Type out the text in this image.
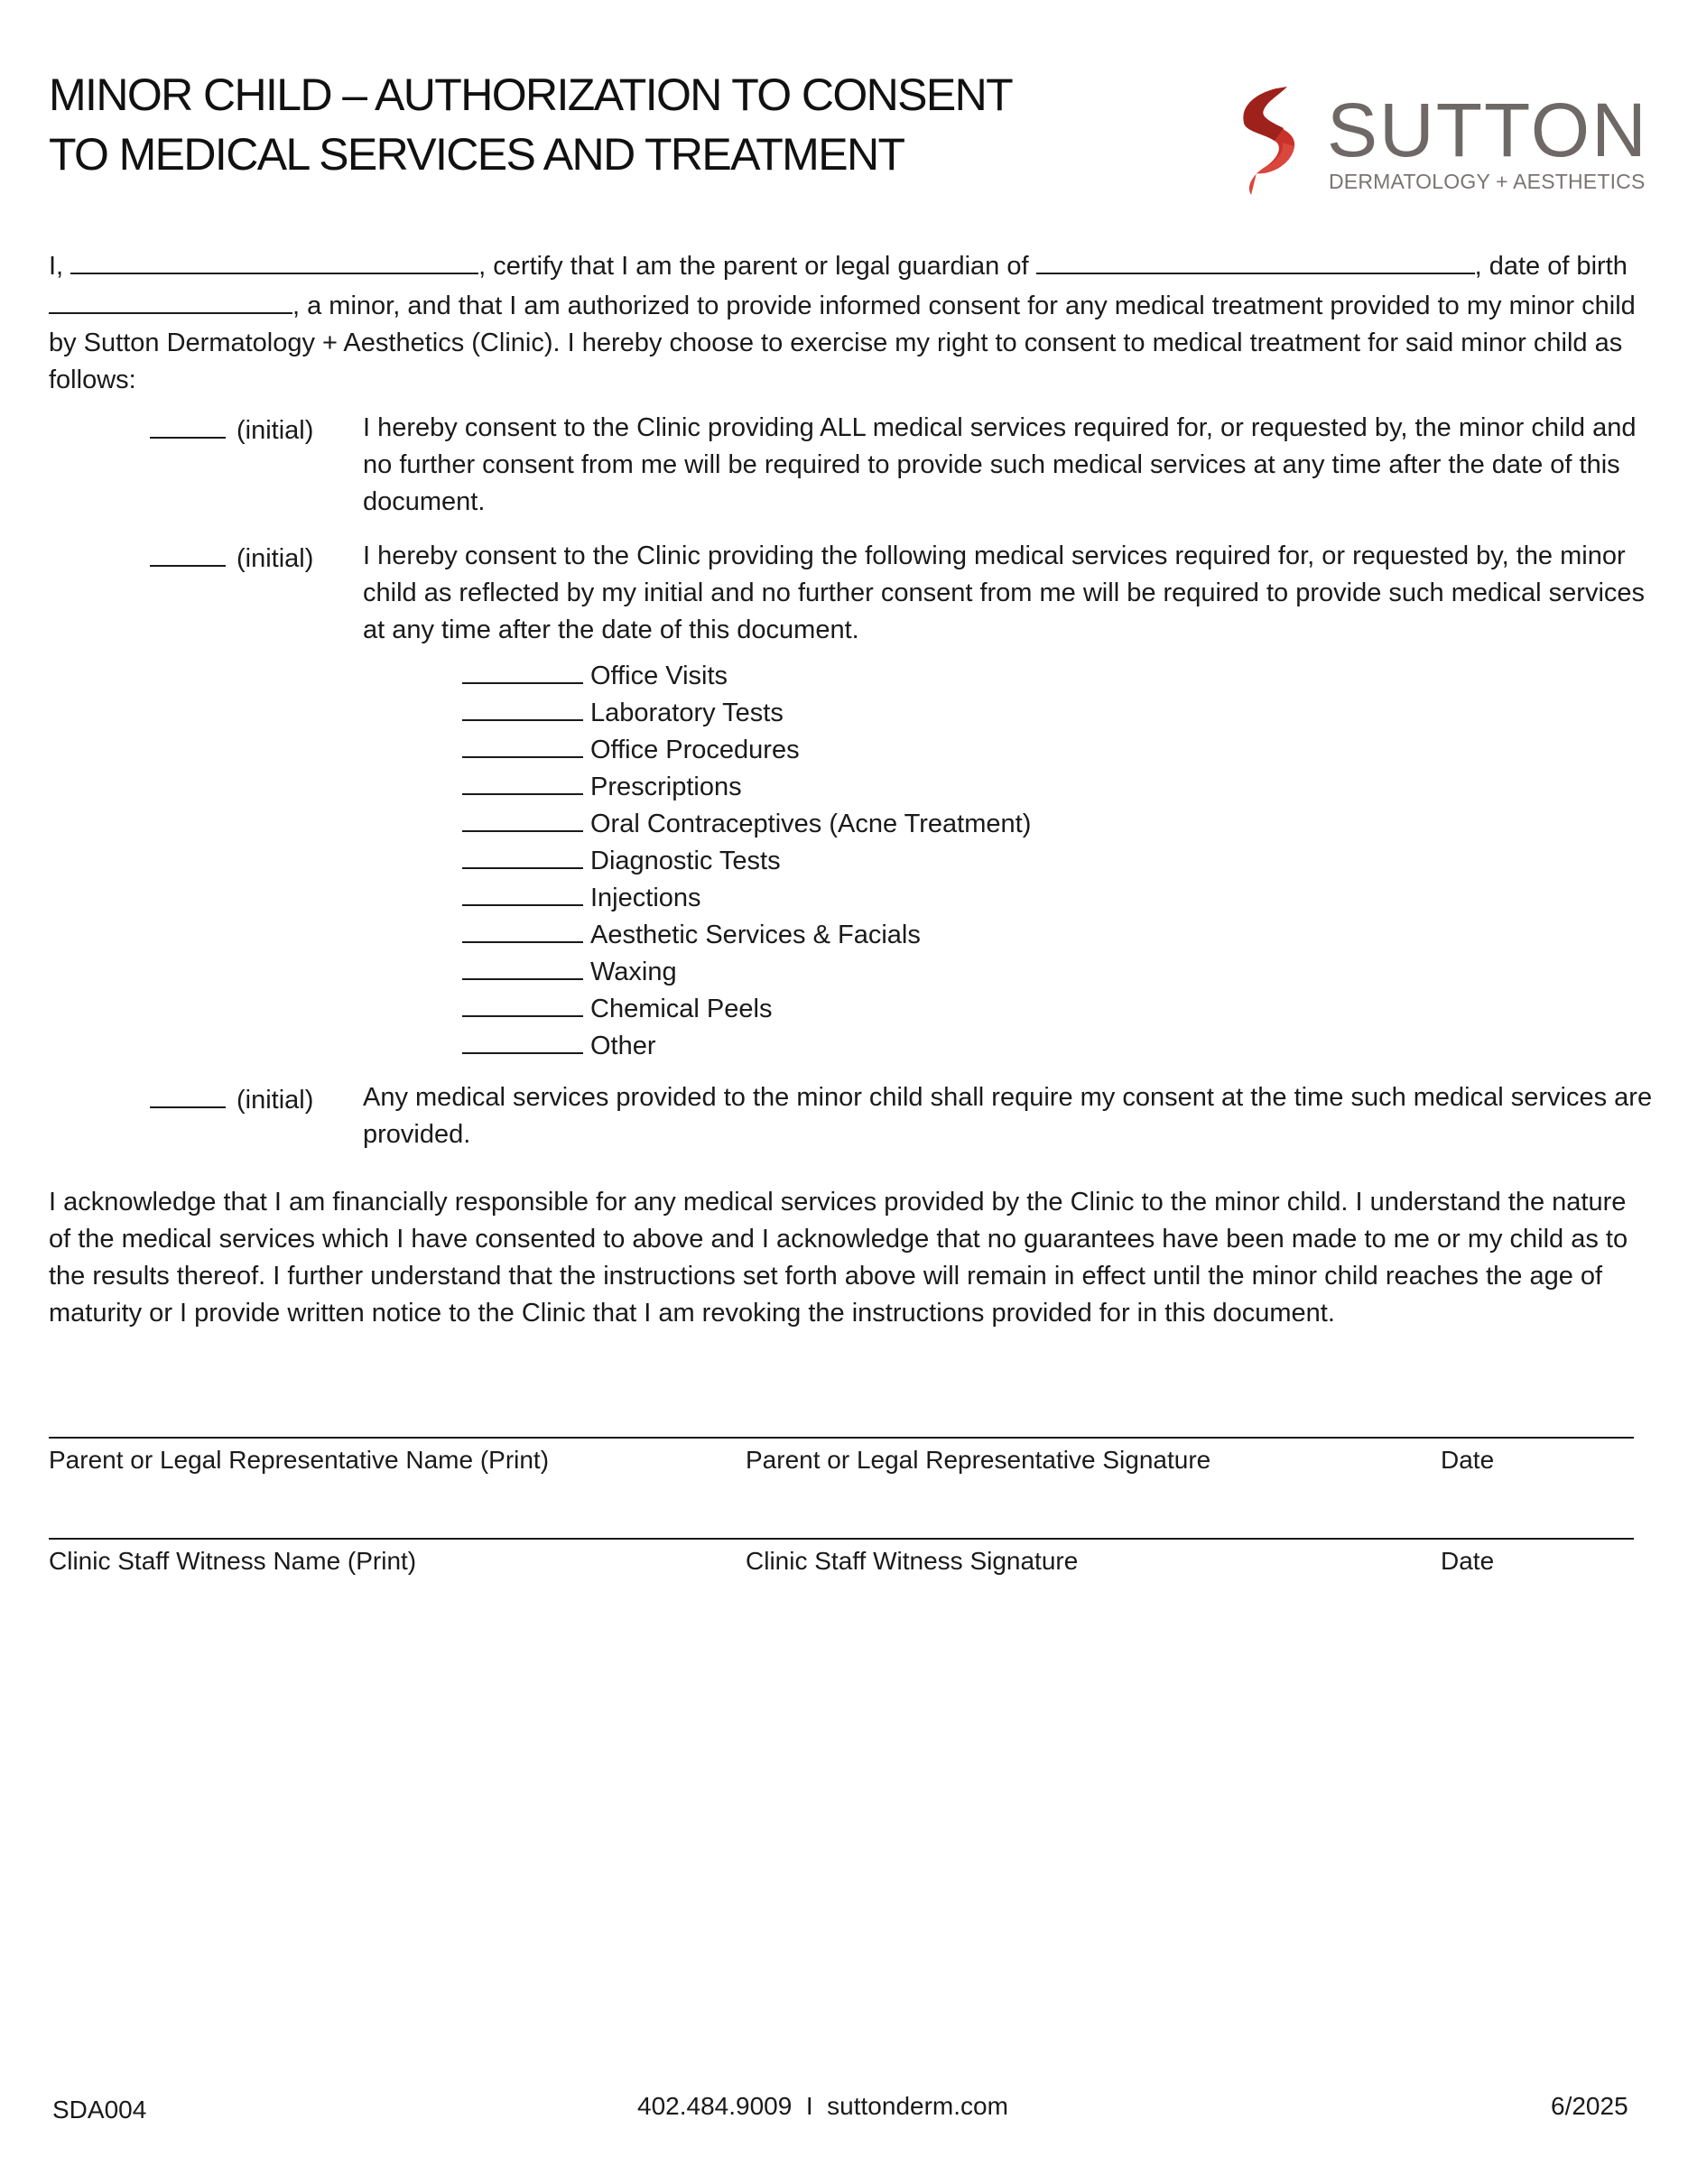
MINOR CHILD – AUTHORIZATION TO CONSENT
TO MEDICAL SERVICES AND TREATMENT	SUTTON
DERMATOLOGY + AESTHETICS

I,	, certify that I am the parent or legal guardian of	, date of birth , a minor, and that I am authorized to provide informed consent for any medical treatment provided to my minor child by Sutton Dermatology + Aesthetics (Clinic). I hereby choose to exercise my right to consent to medical treatment for said minor child as follows:

(initial) I hereby consent to the Clinic providing ALL medical services required for, or requested by, the minor child and no further consent from me will be required to provide such medical services at any time after the date of this document.

(initial) I hereby consent to the Clinic providing the following medical services required for, or requested by, the minor child as reflected by my initial and no further consent from me will be required to provide such medical services at any time after the date of this document.

Office Visits
Laboratory Tests
Office Procedures
Prescriptions
Oral Contraceptives (Acne Treatment)
Diagnostic Tests
Injections
Aesthetic Services & Facials
Waxing
Chemical Peels
Other
(initial) Any medical services provided to the minor child shall require my consent at the time such medical services are provided.

I acknowledge that I am financially responsible for any medical services provided by the Clinic to the minor child. I understand the nature of the medical services which I have consented to above and I acknowledge that no guarantees have been made to me or my child as to the results thereof. I further understand that the instructions set forth above will remain in effect until the minor child reaches the age of maturity or I provide written notice to the Clinic that I am revoking the instructions provided for in this document.

Parent or Legal Representative Name (Print)	Parent or Legal Representative Signature	Date
Clinic Staff Witness Name (Print)	Clinic Staff Witness Signature	Date
SDA004	402.484.9009  I  suttonderm.com	6/2025
